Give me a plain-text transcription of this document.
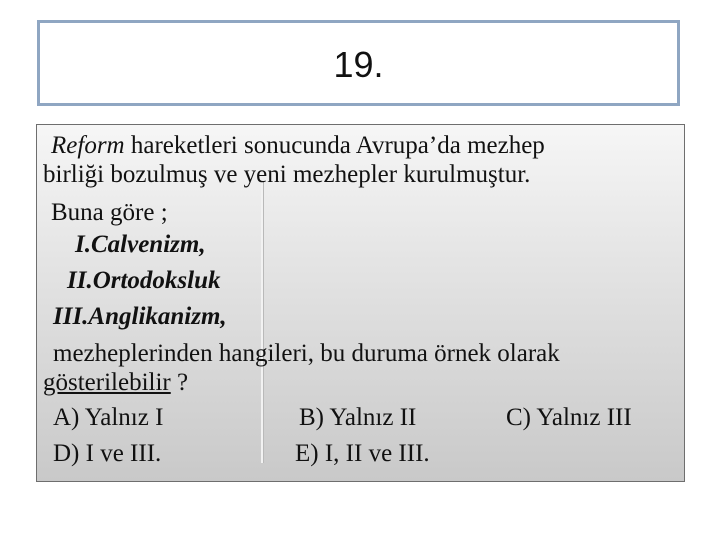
19.
Reform hareketleri sonucunda Avrupa’da mezhep
birliği bozulmuş ve yeni mezhepler kurulmuştur.
Buna göre ;
I.Calvenizm,
II.Ortodoksluk
III.Anglikanizm,
mezheplerinden hangileri, bu duruma örnek olarak
gösterilebilir ?
A) Yalnız I	B) Yalnız II	C) Yalnız III
D) I ve III.	E) I, II ve III.
